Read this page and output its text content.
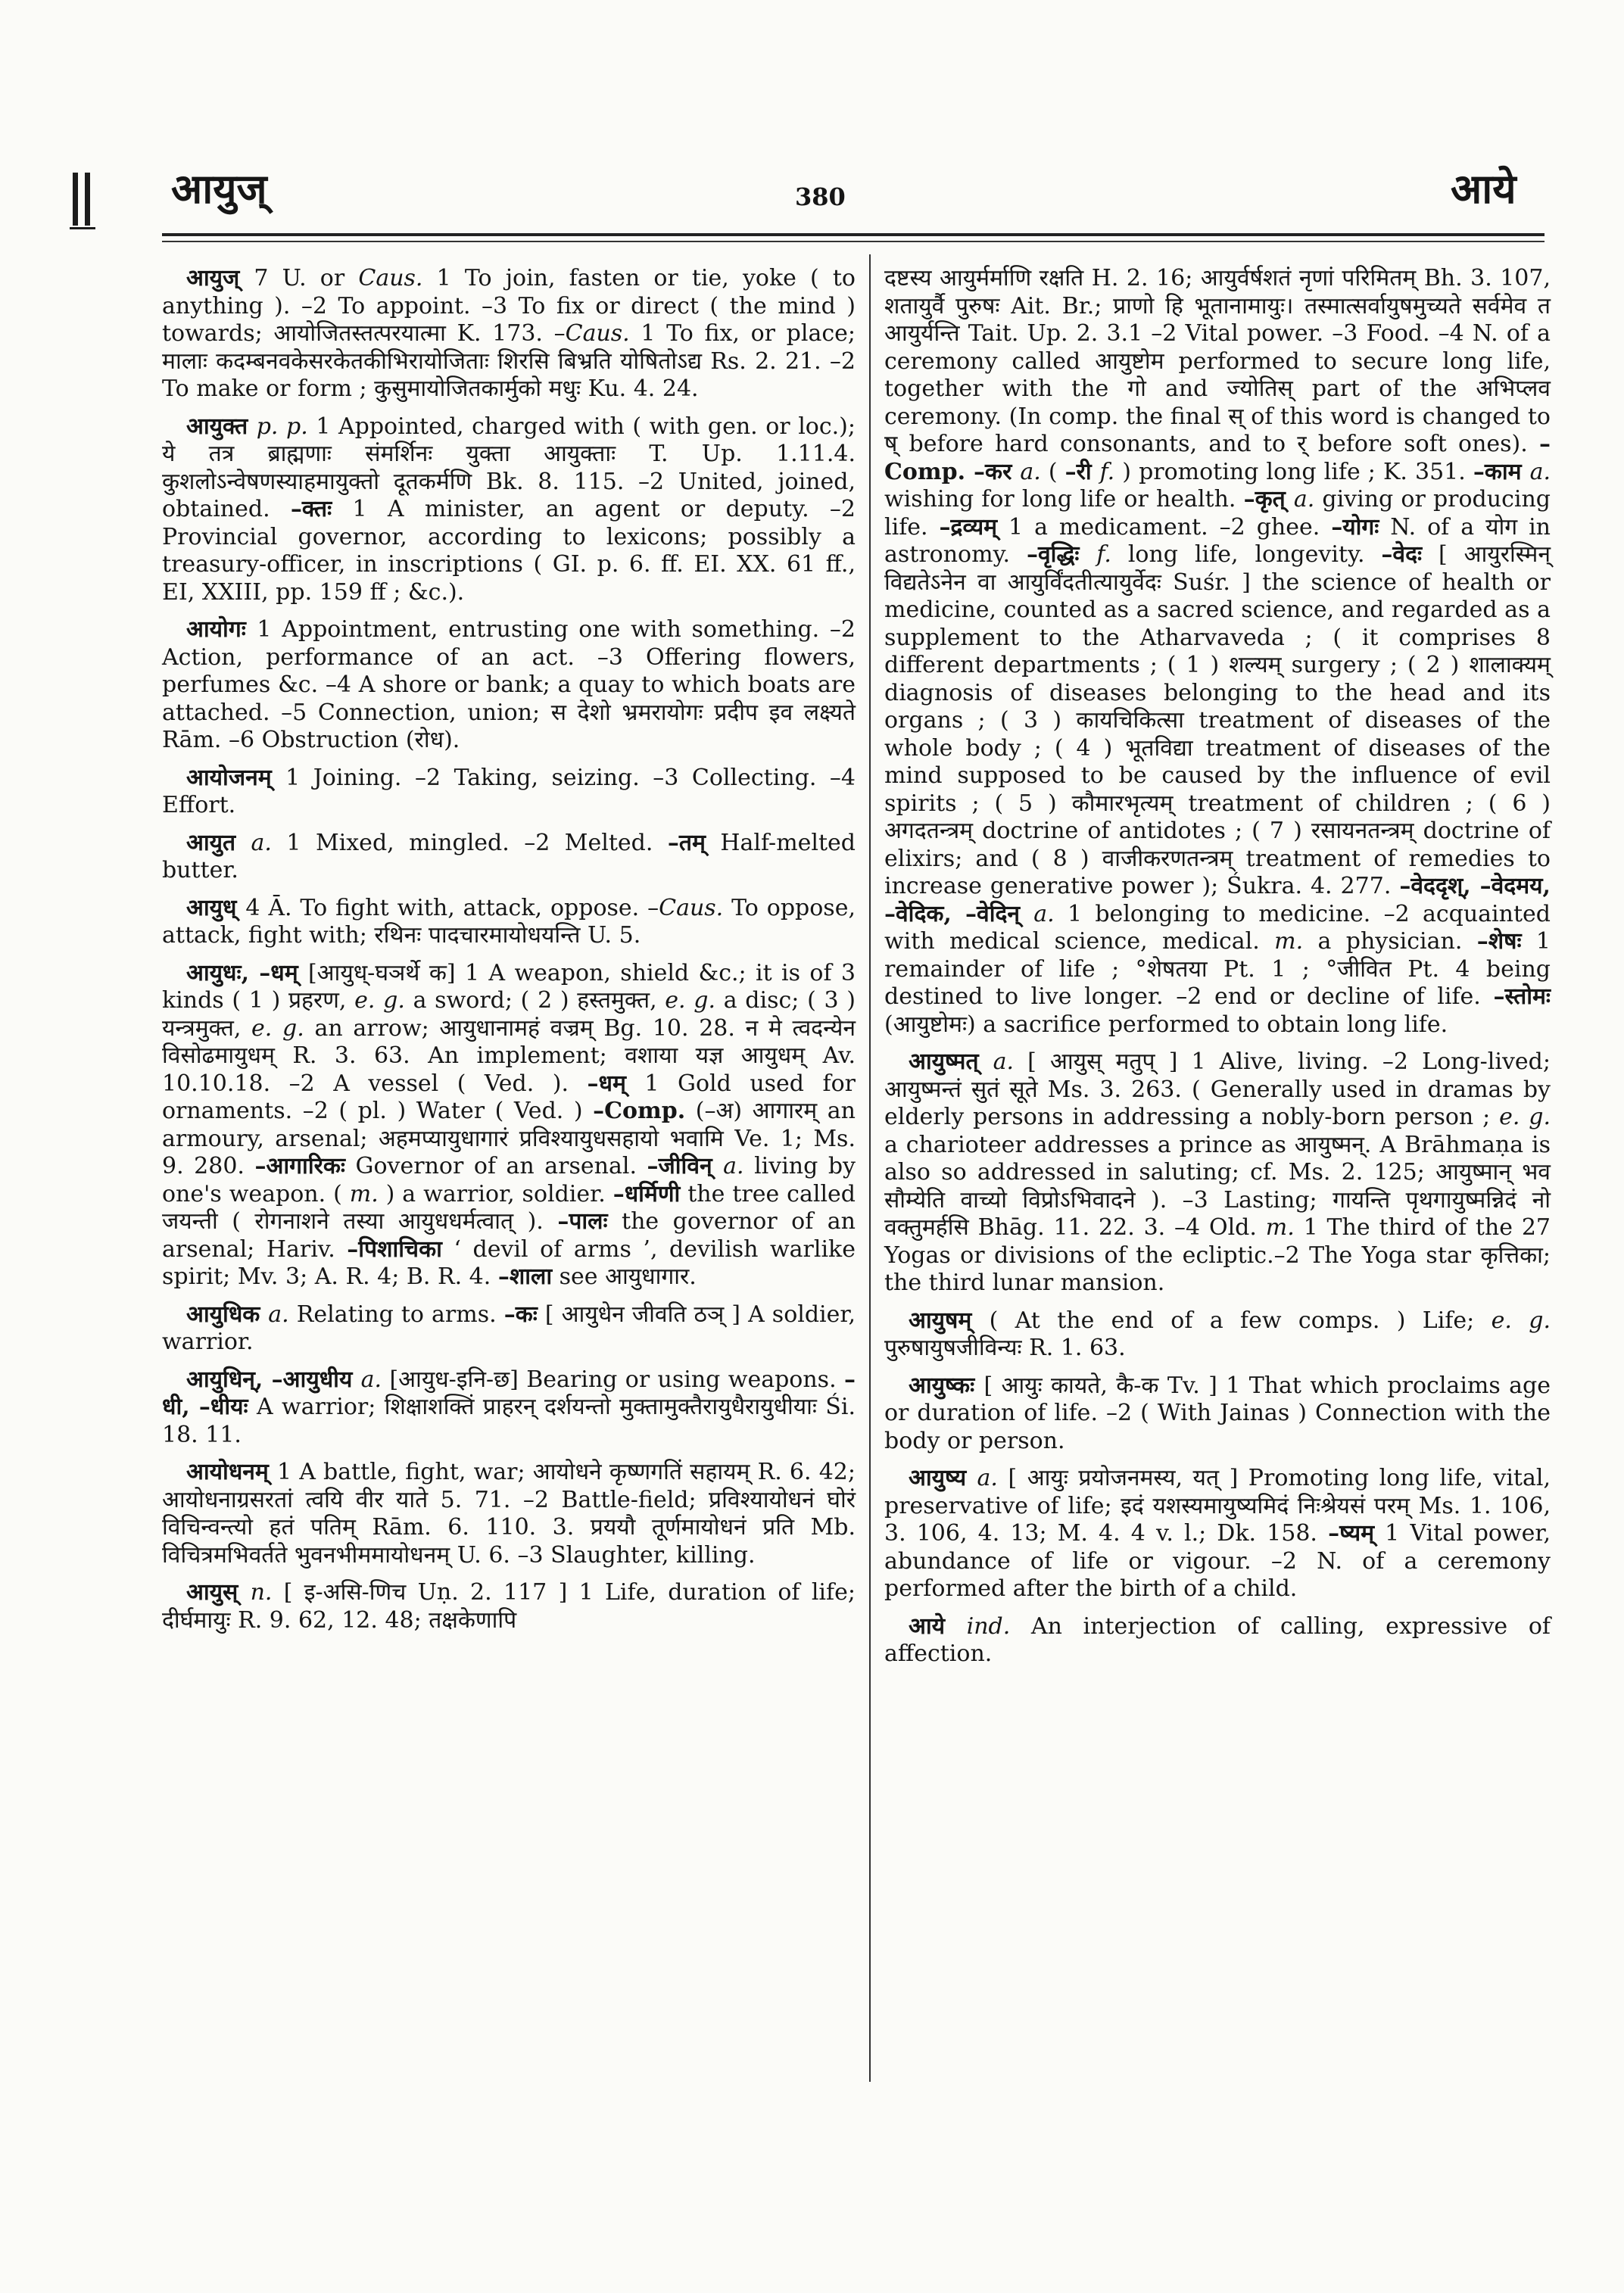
आयुज्	380	आये

आयुज् 7 U. or Caus. 1 To join, fasten or tie, yoke ( to anything ). –2 To appoint. –3 To fix or direct ( the mind ) towards; आयोजितस्तत्परयात्मा K. 173. –Caus. 1 To fix, or place; मालाः कदम्बनवकेसरकेतकीभिरायोजिताः शिरसि बिभ्रति योषितोऽद्य Rs. 2. 21. –2 To make or form ; कुसुमायोजितकार्मुको मधुः Ku. 4. 24.

आयुक्त p. p. 1 Appointed, charged with ( with gen. or loc.); ये तत्र ब्राह्मणाः संमर्शिनः युक्ता आयुक्ताः T. Up. 1.11.4. कुशलोऽन्वेषणस्याहमायुक्तो दूतकर्मणि Bk. 8. 115. –2 United, joined, obtained. –क्तः 1 A minister, an agent or deputy. –2 Provincial governor, according to lexicons; possibly a treasury-officer, in inscriptions ( GI. p. 6. ff. EI. XX. 61 ff., EI, XXIII, pp. 159 ff ; &c.).

आयोगः 1 Appointment, entrusting one with something. –2 Action, performance of an act. –3 Offering flowers, perfumes &c. –4 A shore or bank; a quay to which boats are attached. –5 Connection, union; स देशो भ्रमरायोगः प्रदीप इव लक्ष्यते Rām. –6 Obstruction (रोध).

आयोजनम् 1 Joining. –2 Taking, seizing. –3 Collecting. –4 Effort.

आयुत a. 1 Mixed, mingled. –2 Melted. –तम् Half-melted butter.

आयुध् 4 Ā. To fight with, attack, oppose. –Caus. To oppose, attack, fight with; रथिनः पादचारमायोधयन्ति U. 5.

आयुधः, –धम् [आयुध्-घञर्थे क] 1 A weapon, shield &c.; it is of 3 kinds ( 1 ) प्रहरण, e. g. a sword; ( 2 ) हस्तमुक्त, e. g. a disc; ( 3 ) यन्त्रमुक्त, e. g. an arrow; आयुधानामहं वज्रम् Bg. 10. 28. न मे त्वदन्येन विसोढमायुधम् R. 3. 63. An implement; वशाया यज्ञ आयुधम् Av. 10.10.18. –2 A vessel ( Ved. ). –धम् 1 Gold used for ornaments. –2 ( pl. ) Water ( Ved. ) –Comp. (–अ) आगारम् an armoury, arsenal; अहमप्यायुधागारं प्रविश्यायुधसहायो भवामि Ve. 1; Ms. 9. 280. –आगारिकः Governor of an arsenal. –जीविन् a. living by one's weapon. ( m. ) a warrior, soldier. –धर्मिणी the tree called जयन्ती ( रोगनाशने तस्या आयुधधर्मत्वात् ). –पालः the governor of an arsenal; Hariv. –पिशाचिका ‘ devil of arms ’, devilish warlike spirit; Mv. 3; A. R. 4; B. R. 4. –शाला see आयुधागार.

आयुधिक a. Relating to arms. –कः [ आयुधेन जीवति ठञ् ] A soldier, warrior.

आयुधिन्, –आयुधीय a. [आयुध-इनि-छ] Bearing or using weapons. –धी, –धीयः A warrior; शिक्षाशक्तिं प्राहरन् दर्शयन्तो मुक्तामुक्तैरायुधैरायुधीयाः Śi. 18. 11.

आयोधनम् 1 A battle, fight, war; आयोधने कृष्णगतिं सहायम् R. 6. 42; आयोधनाग्रसरतां त्वयि वीर याते 5. 71. –2 Battle-field; प्रविश्यायोधनं घोरं विचिन्वन्त्यो हतं पतिम् Rām. 6. 110. 3. प्रययौ तूर्णमायोधनं प्रति Mb. विचित्रमभिवर्तते भुवनभीममायोधनम् U. 6. –3 Slaughter, killing.

आयुस् n. [ इ-असि-णिच Uṇ. 2. 117 ] 1 Life, duration of life; दीर्घमायुः R. 9. 62, 12. 48; तक्षकेणापि

दष्टस्य आयुर्मर्माणि रक्षति H. 2. 16; आयुर्वर्षशतं नृणां परिमितम् Bh. 3. 107, शतायुर्वै पुरुषः Ait. Br.; प्राणो हि भूतानामायुः। तस्मात्सर्वायुषमुच्यते सर्वमेव त आयुर्यन्ति Tait. Up. 2. 3.1 –2 Vital power. –3 Food. –4 N. of a ceremony called आयुष्टोम performed to secure long life, together with the गो and ज्योतिस् part of the अभिप्लव ceremony. (In comp. the final स् of this word is changed to ष् before hard consonants, and to र् before soft ones). –Comp. –कर a. ( –री f. ) promoting long life ; K. 351. –काम a. wishing for long life or health. –कृत् a. giving or producing life. –द्रव्यम् 1 a medicament. –2 ghee. –योगः N. of a योग in astronomy. –वृद्धिः f. long life, longevity. –वेदः [ आयुरस्मिन् विद्यतेऽनेन वा आयुर्विंदतीत्यायुर्वेदः Suśr. ] the science of health or medicine, counted as a sacred science, and regarded as a supplement to the Atharvaveda ; ( it comprises 8 different departments ; ( 1 ) शल्यम् surgery ; ( 2 ) शालाक्यम् diagnosis of diseases belonging to the head and its organs ; ( 3 ) कायचिकित्सा treatment of diseases of the whole body ; ( 4 ) भूतविद्या treatment of diseases of the mind supposed to be caused by the influence of evil spirits ; ( 5 ) कौमारभृत्यम् treatment of children ; ( 6 ) अगदतन्त्रम् doctrine of antidotes ; ( 7 ) रसायनतन्त्रम् doctrine of elixirs; and ( 8 ) वाजीकरणतन्त्रम् treatment of remedies to increase generative power ); Śukra. 4. 277. –वेददृश्, –वेदमय, –वेदिक, –वेदिन् a. 1 belonging to medicine. –2 acquainted with medical science, medical. m. a physician. –शेषः 1 remainder of life ; °शेषतया Pt. 1 ; °जीवित Pt. 4 being destined to live longer. –2 end or decline of life. –स्तोमः (आयुष्टोमः) a sacrifice performed to obtain long life.

आयुष्मत् a. [ आयुस् मतुप् ] 1 Alive, living. –2 Long-lived; आयुष्मन्तं सुतं सूते Ms. 3. 263. ( Generally used in dramas by elderly persons in addressing a nobly-born person ; e. g. a charioteer addresses a prince as आयुष्मन्. A Brāhmaṇa is also so addressed in saluting; cf. Ms. 2. 125; आयुष्मान् भव सौम्येति वाच्यो विप्रोऽभिवादने ). –3 Lasting; गायन्ति पृथगायुष्मन्निदं नो वक्तुमर्हसि Bhāg. 11. 22. 3. –4 Old. m. 1 The third of the 27 Yogas or divisions of the ecliptic.–2 The Yoga star कृत्तिका; the third lunar mansion.

आयुषम् ( At the end of a few comps. ) Life; e. g. पुरुषायुषजीविन्यः R. 1. 63.

आयुष्कः [ आयुः कायते, कै-क Tv. ] 1 That which proclaims age or duration of life. –2 ( With Jainas ) Connection with the body or person.

आयुष्य a. [ आयुः प्रयोजनमस्य, यत् ] Promoting long life, vital, preservative of life; इदं यशस्यमायुष्यमिदं निःश्रेयसं परम् Ms. 1. 106, 3. 106, 4. 13; M. 4. 4 v. l.; Dk. 158. –ष्यम् 1 Vital power, abundance of life or vigour. –2 N. of a ceremony performed after the birth of a child.

आये ind. An interjection of calling, expressive of affection.
